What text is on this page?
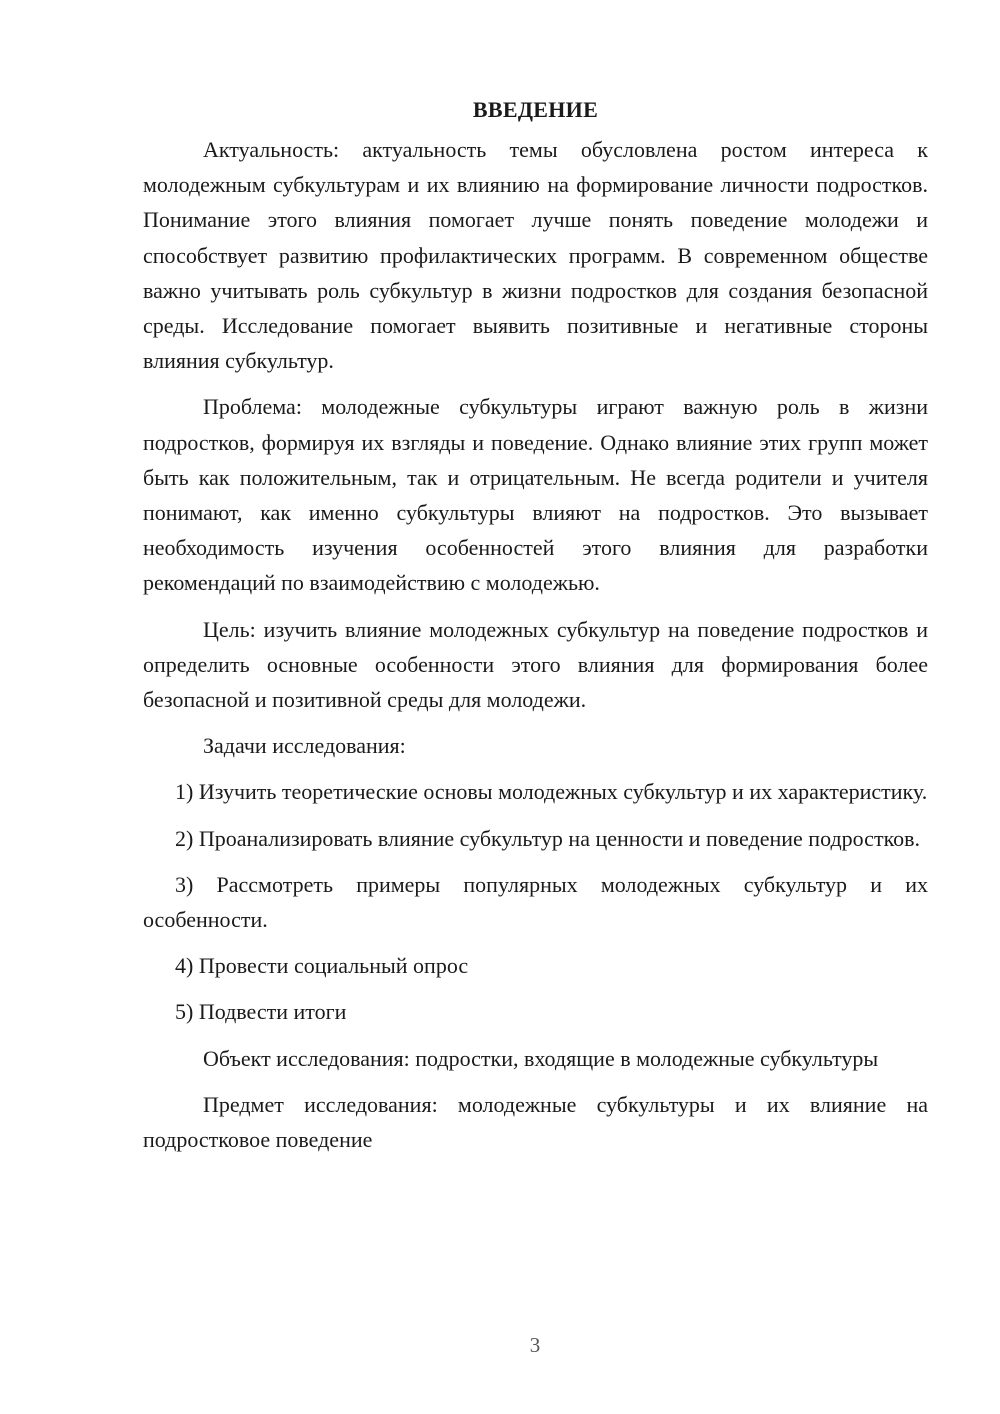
ВВЕДЕНИЕ

Актуальность: актуальность темы обусловлена ростом интереса к молодежным субкультурам и их влиянию на формирование личности подростков. Понимание этого влияния помогает лучше понять поведение молодежи и способствует развитию профилактических программ. В современном обществе важно учитывать роль субкультур в жизни подростков для создания безопасной среды. Исследование помогает выявить позитивные и негативные стороны влияния субкультур.

Проблема: молодежные субкультуры играют важную роль в жизни подростков, формируя их взгляды и поведение. Однако влияние этих групп может быть как положительным, так и отрицательным. Не всегда родители и учителя понимают, как именно субкультуры влияют на подростков. Это вызывает необходимость изучения особенностей этого влияния для разработки рекомендаций по взаимодействию с молодежью.

Цель: изучить влияние молодежных субкультур на поведение подростков и определить основные особенности этого влияния для формирования более безопасной и позитивной среды для молодежи.

Задачи исследования:

1) Изучить теоретические основы молодежных субкультур и их характеристику.

2) Проанализировать влияние субкультур на ценности и поведение подростков.

3) Рассмотреть примеры популярных молодежных субкультур и их особенности.

4) Провести социальный опрос

5) Подвести итоги

Объект исследования: подростки, входящие в молодежные субкультуры

Предмет исследования: молодежные субкультуры и их влияние на подростковое поведение

3
